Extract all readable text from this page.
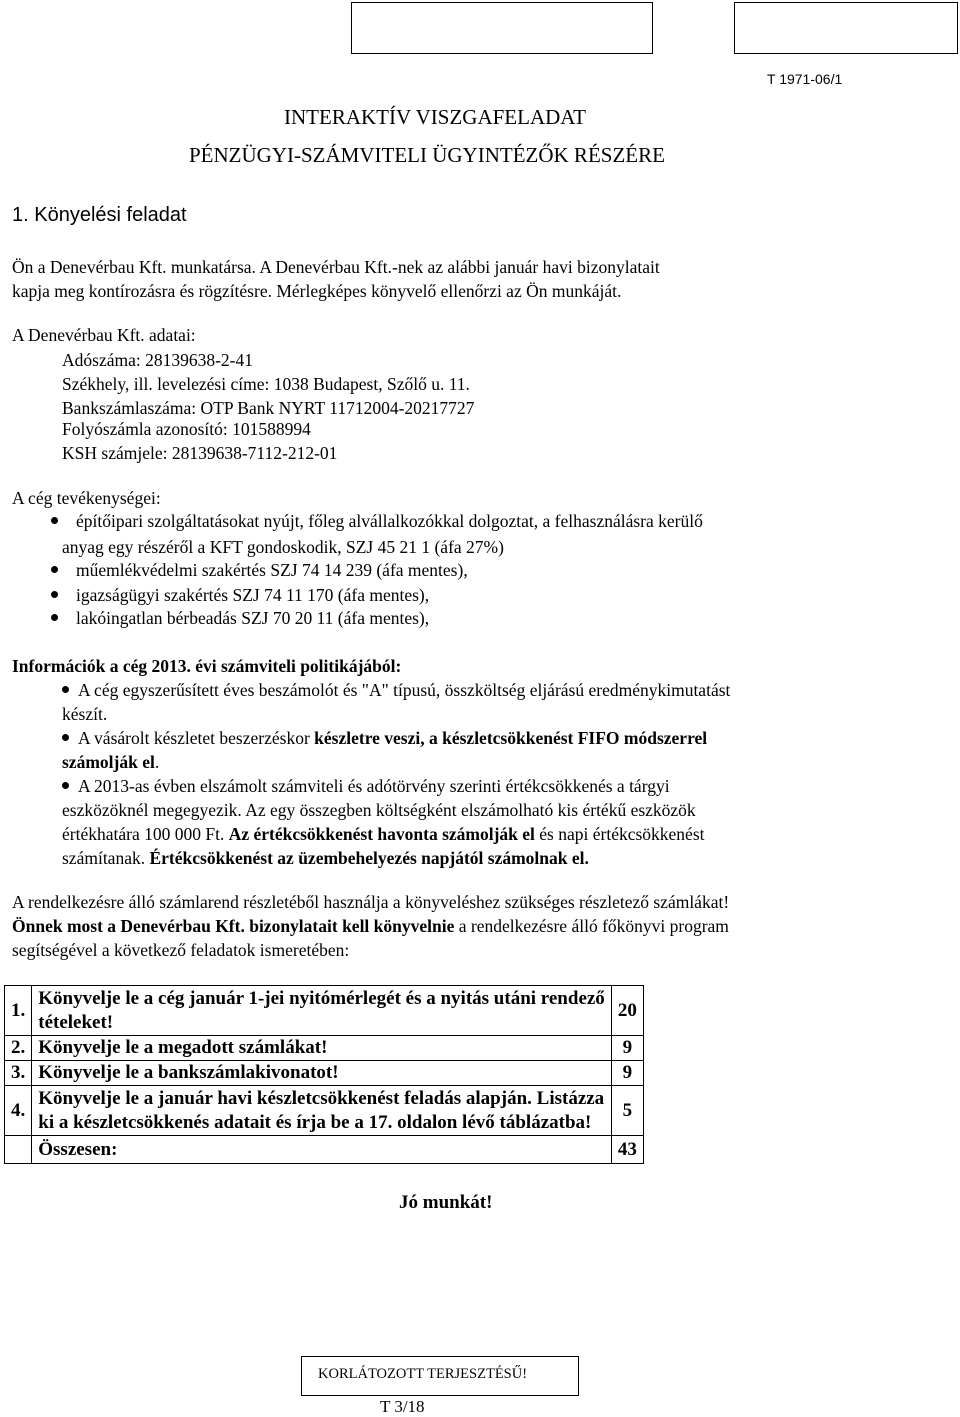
T 1971-06/1
INTERAKTÍV VISZGAFELADAT
PÉNZÜGYI-SZÁMVITELI ÜGYINTÉZŐK RÉSZÉRE
1. Könyelési feladat
Ön a Denevérbau Kft. munkatársa. A Denevérbau Kft.-nek az alábbi január havi bizonylatait
kapja meg kontírozásra és rögzítésre. Mérlegképes könyvelő ellenőrzi az Ön munkáját.
A Denevérbau Kft. adatai:
Adószáma: 28139638-2-41
Székhely, ill. levelezési címe: 1038 Budapest, Szőlő u. 11.
Bankszámlaszáma: OTP Bank NYRT 11712004-20217727
Folyószámla azonosító: 101588994
KSH számjele: 28139638-7112-212-01
A cég tevékenységei:
építőipari szolgáltatásokat nyújt, főleg alvállalkozókkal dolgoztat, a felhasználásra kerülő
anyag egy részéről a KFT gondoskodik, SZJ 45 21 1 (áfa 27%)
műemlékvédelmi szakértés SZJ 74 14 239 (áfa mentes),
igazságügyi szakértés SZJ 74 11 170 (áfa mentes),
lakóingatlan bérbeadás SZJ 70 20 11 (áfa mentes),
Információk a cég 2013. évi számviteli politikájából:
A cég egyszerűsített éves beszámolót és "A" típusú, összköltség eljárású eredménykimutatást
készít.
A vásárolt készletet beszerzéskor készletre veszi, a készletcsökkenést FIFO módszerrel
számolják el.
A 2013-as évben elszámolt számviteli és adótörvény szerinti értékcsökkenés a tárgyi
eszközöknél megegyezik. Az egy összegben költségként elszámolható kis értékű eszközök
értékhatára 100 000 Ft. Az értékcsökkenést havonta számolják el és napi értékcsökkenést
számítanak. Értékcsökkenést az üzembehelyezés napjától számolnak el.
A rendelkezésre álló számlarend részletéből használja a könyveléshez szükséges részletező számlákat!
Önnek most a Denevérbau Kft. bizonylatait kell könyvelnie a rendelkezésre álló főkönyvi program
segítségével a következő feladatok ismeretében:
1.	Könyvelje le a cég január 1-jei nyitómérlegét és a nyitás utáni rendező
tételeket!	20
2.	Könyvelje le a megadott számlákat!	9
3.	Könyvelje le a bankszámlakivonatot!	9
4.	Könyvelje le a január havi készletcsökkenést feladás alapján. Listázza
ki a készletcsökkenés adatait és írja be a 17. oldalon lévő táblázatba!	5
	Összesen:	43
Jó munkát!
KORLÁTOZOTT TERJESZTÉSŰ!
T 3/18
